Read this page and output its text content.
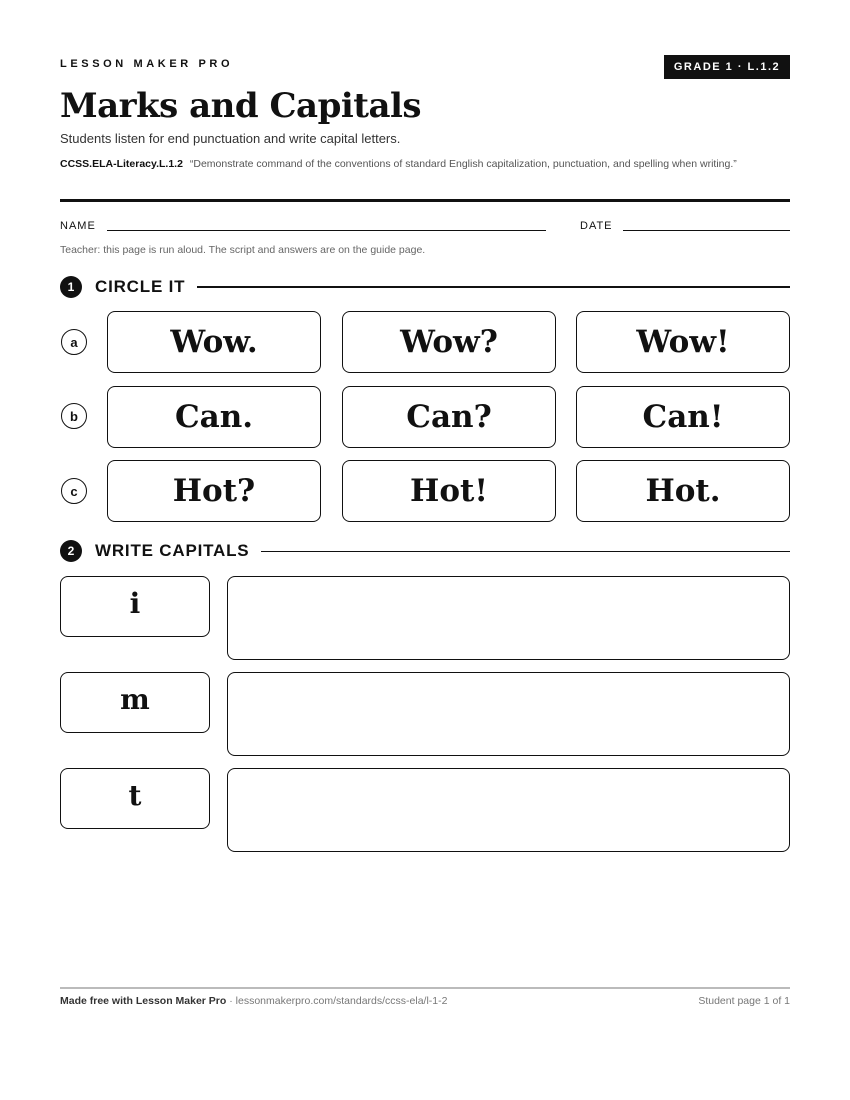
LESSON MAKER PRO	GRADE 1 · L.1.2
Marks and Capitals
Students listen for end punctuation and write capital letters.
CCSS.ELA-Literacy.L.1.2 “Demonstrate command of the conventions of standard English capitalization, punctuation, and spelling when writing.”
NAME	DATE
Teacher: this page is run aloud. The script and answers are on the guide page.
1	CIRCLE IT
a	Wow.	Wow?	Wow!
b	Can.	Can?	Can!
c	Hot?	Hot!	Hot.
2	WRITE CAPITALS
i
m
t
Made free with Lesson Maker Pro · lessonmakerpro.com/standards/ccss-ela/l-1-2	Student page 1 of 1
